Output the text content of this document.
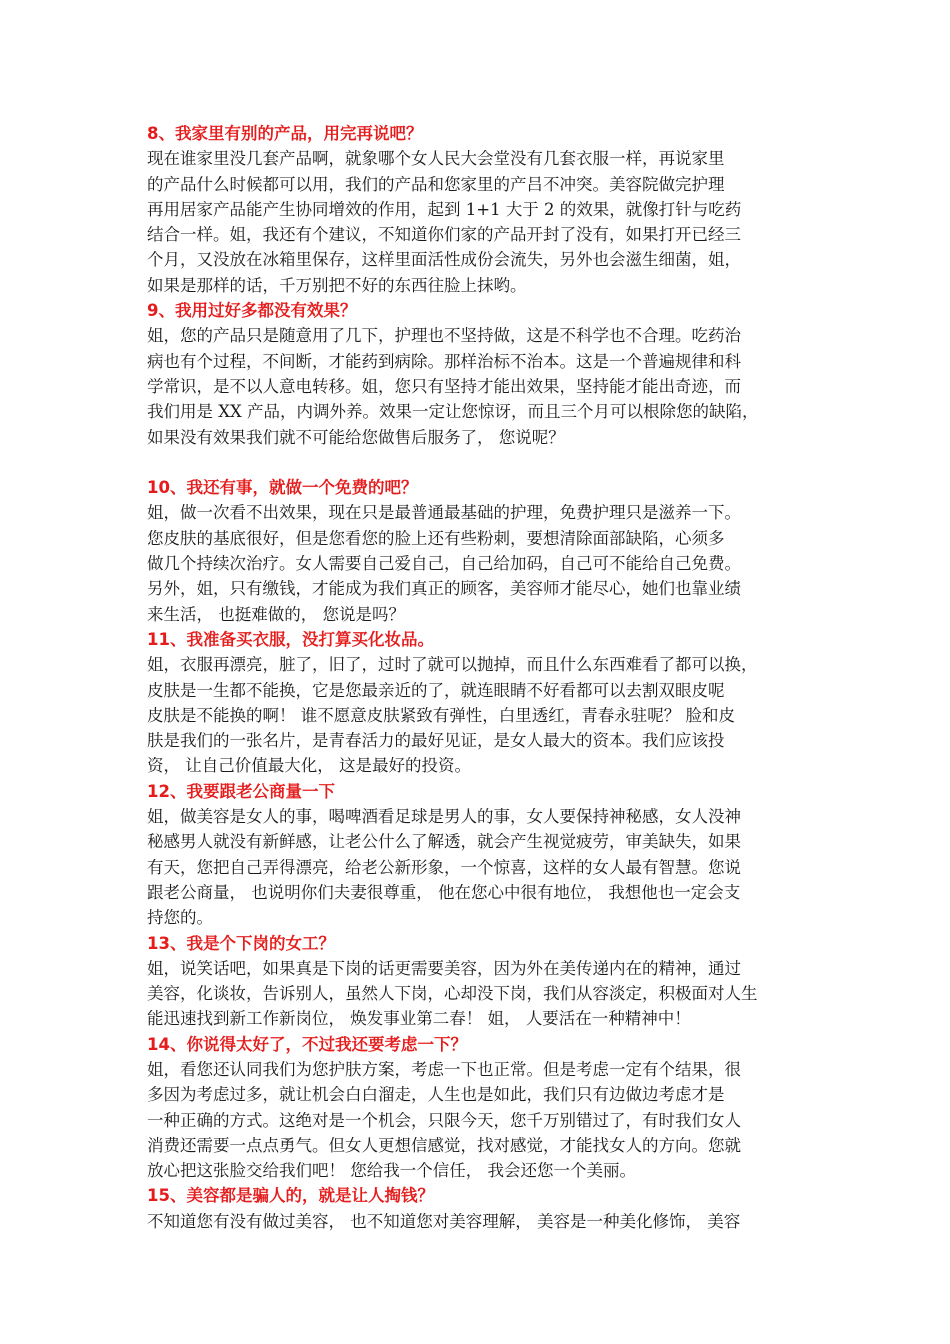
8、我家里有别的产品，用完再说吧？

现在谁家里没几套产品啊，就象哪个女人民大会堂没有几套衣服一样，再说家里
的产品什么时候都可以用，我们的产品和您家里的产吕不冲突。美容院做完护理
再用居家产品能产生协同增效的作用，起到 1+1 大于 2 的效果，就像打针与吃药
结合一样。姐，我还有个建议，不知道你们家的产品开封了没有，如果打开已经三
个月，又没放在冰箱里保存，这样里面活性成份会流失，另外也会滋生细菌，姐，
如果是那样的话，千万别把不好的东西往脸上抹哟。

9、我用过好多都没有效果？

姐，您的产品只是随意用了几下，护理也不坚持做，这是不科学也不合理。吃药治
病也有个过程，不间断，才能药到病除。那样治标不治本。这是一个普遍规律和科
学常识，是不以人意电转移。姐，您只有坚持才能出效果，坚持能才能出奇迹，而
我们用是 XX 产品，内调外养。效果一定让您惊讶，而且三个月可以根除您的缺陷，
如果没有效果我们就不可能给您做售后服务了， 您说呢？

10、我还有事，就做一个免费的吧？

姐，做一次看不出效果，现在只是最普通最基础的护理，免费护理只是滋养一下。
您皮肤的基底很好，但是您看您的脸上还有些粉刺，要想清除面部缺陷，心须多
做几个持续次治疗。女人需要自己爱自己，自己给加码，自己可不能给自己免费。
另外，姐，只有缴钱，才能成为我们真正的顾客，美容师才能尽心，她们也靠业绩
来生活， 也挺难做的， 您说是吗？

11、我准备买衣服，没打算买化妆品。

姐，衣服再漂亮，脏了，旧了，过时了就可以抛掉，而且什么东西难看了都可以换，
皮肤是一生都不能换，它是您最亲近的了，就连眼睛不好看都可以去割双眼皮呢
皮肤是不能换的啊！ 谁不愿意皮肤紧致有弹性，白里透红，青春永驻呢？ 脸和皮
肤是我们的一张名片，是青春活力的最好见证，是女人最大的资本。我们应该投
资， 让自己价值最大化， 这是最好的投资。

12、我要跟老公商量一下

姐，做美容是女人的事，喝啤酒看足球是男人的事，女人要保持神秘感，女人没神
秘感男人就没有新鲜感，让老公什么了解透，就会产生视觉疲劳，审美缺失，如果
有天，您把自己弄得漂亮，给老公新形象，一个惊喜，这样的女人最有智慧。您说
跟老公商量， 也说明你们夫妻很尊重， 他在您心中很有地位， 我想他也一定会支
持您的。

13、我是个下岗的女工？

姐，说笑话吧，如果真是下岗的话更需要美容，因为外在美传递内在的精神，通过
美容，化谈妆，告诉别人，虽然人下岗，心却没下岗，我们从容淡定，积极面对人生
能迅速找到新工作新岗位， 焕发事业第二春！ 姐， 人要活在一种精神中！

14、你说得太好了，不过我还要考虑一下？

姐，看您还认同我们为您护肤方案，考虑一下也正常。但是考虑一定有个结果，很
多因为考虑过多，就让机会白白溜走，人生也是如此，我们只有边做边考虑才是
一种正确的方式。这绝对是一个机会，只限今天，您千万别错过了，有时我们女人
消费还需要一点点勇气。但女人更想信感觉，找对感觉，才能找女人的方向。您就
放心把这张脸交给我们吧！ 您给我一个信任， 我会还您一个美丽。

15、美容都是骗人的，就是让人掏钱？

不知道您有没有做过美容， 也不知道您对美容理解， 美容是一种美化修饰， 美容
